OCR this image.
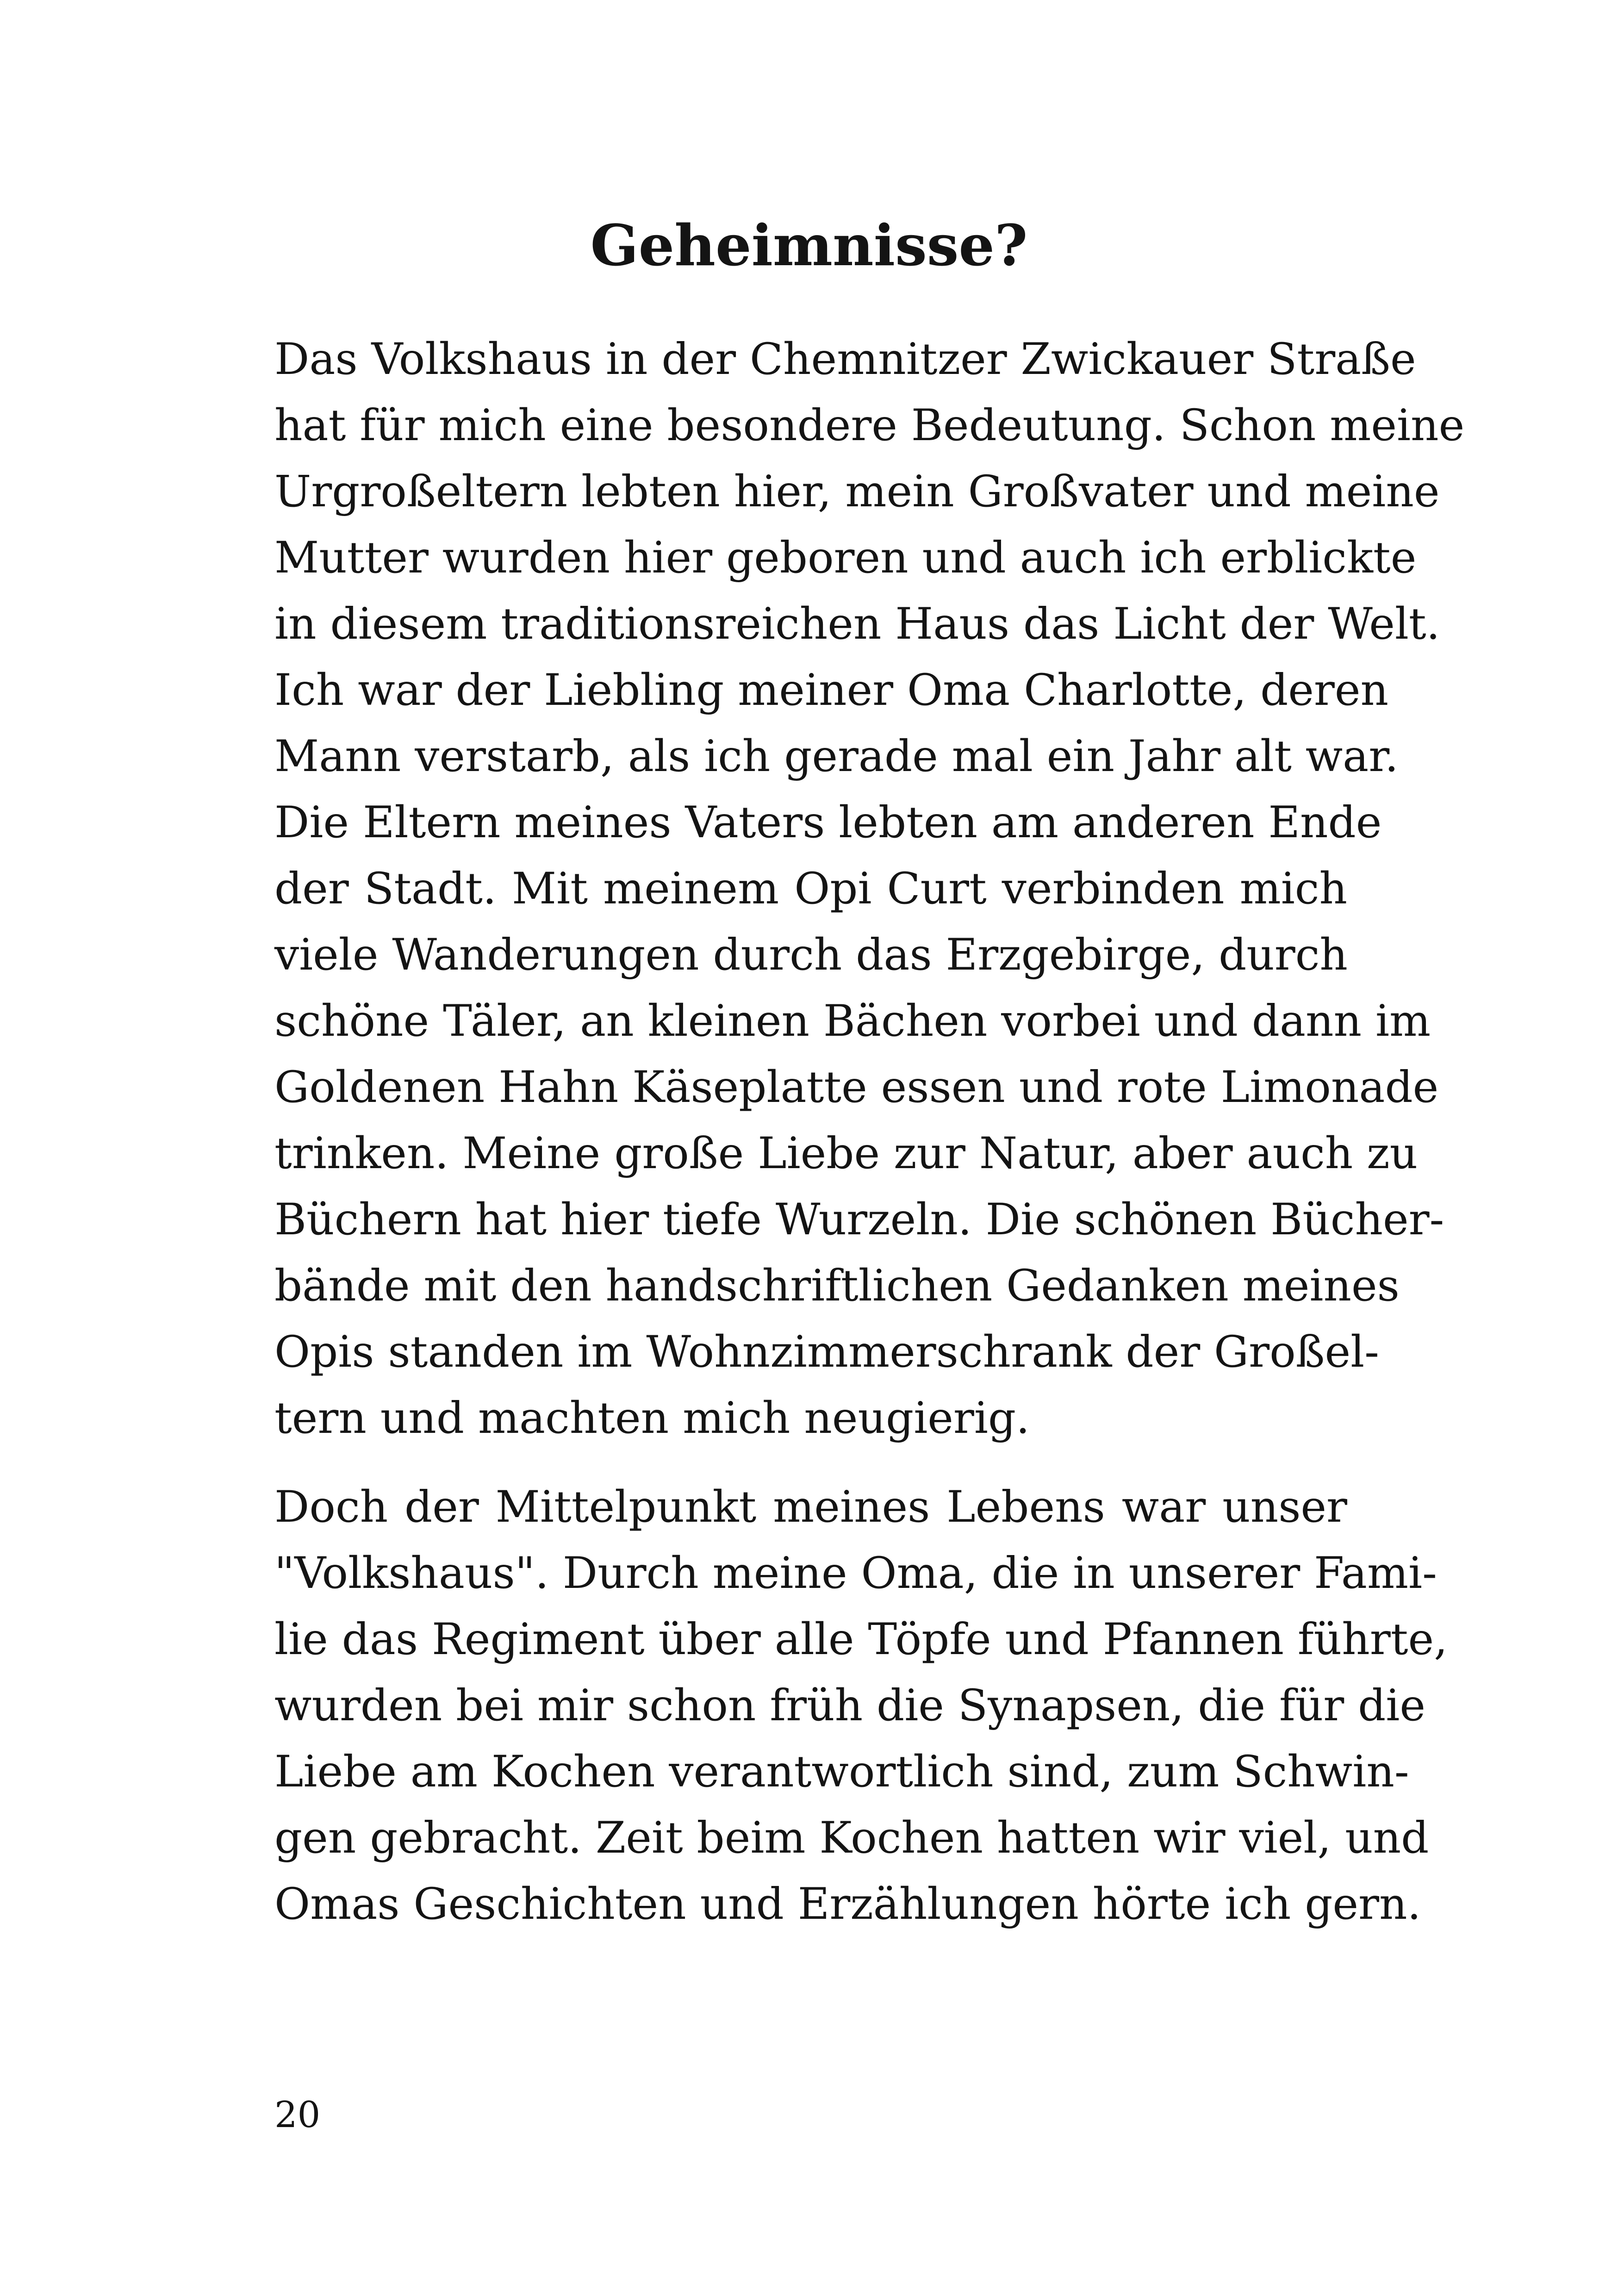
Geheimnisse?
Das Volkshaus in der Chemnitzer Zwickauer Straße
hat für mich eine besondere Bedeutung. Schon meine
Urgroßeltern lebten hier, mein Großvater und meine
Mutter wurden hier geboren und auch ich erblickte
in diesem traditionsreichen Haus das Licht der Welt.
Ich war der Liebling meiner Oma Charlotte, deren
Mann verstarb, als ich gerade mal ein Jahr alt war.
Die Eltern meines Vaters lebten am anderen Ende
der Stadt. Mit meinem Opi Curt verbinden mich
viele Wanderungen durch das Erzgebirge, durch
schöne Täler, an kleinen Bächen vorbei und dann im
Goldenen Hahn Käseplatte essen und rote Limonade
trinken. Meine große Liebe zur Natur, aber auch zu
Büchern hat hier tiefe Wurzeln. Die schönen Bücher-
bände mit den handschriftlichen Gedanken meines
Opis standen im Wohnzimmerschrank der Großel-
tern und machten mich neugierig.
Doch der Mittelpunkt meines Lebens war unser
"Volkshaus". Durch meine Oma, die in unserer Fami-
lie das Regiment über alle Töpfe und Pfannen führte,
wurden bei mir schon früh die Synapsen, die für die
Liebe am Kochen verantwortlich sind, zum Schwin-
gen gebracht. Zeit beim Kochen hatten wir viel, und
Omas Geschichten und Erzählungen hörte ich gern.
20
